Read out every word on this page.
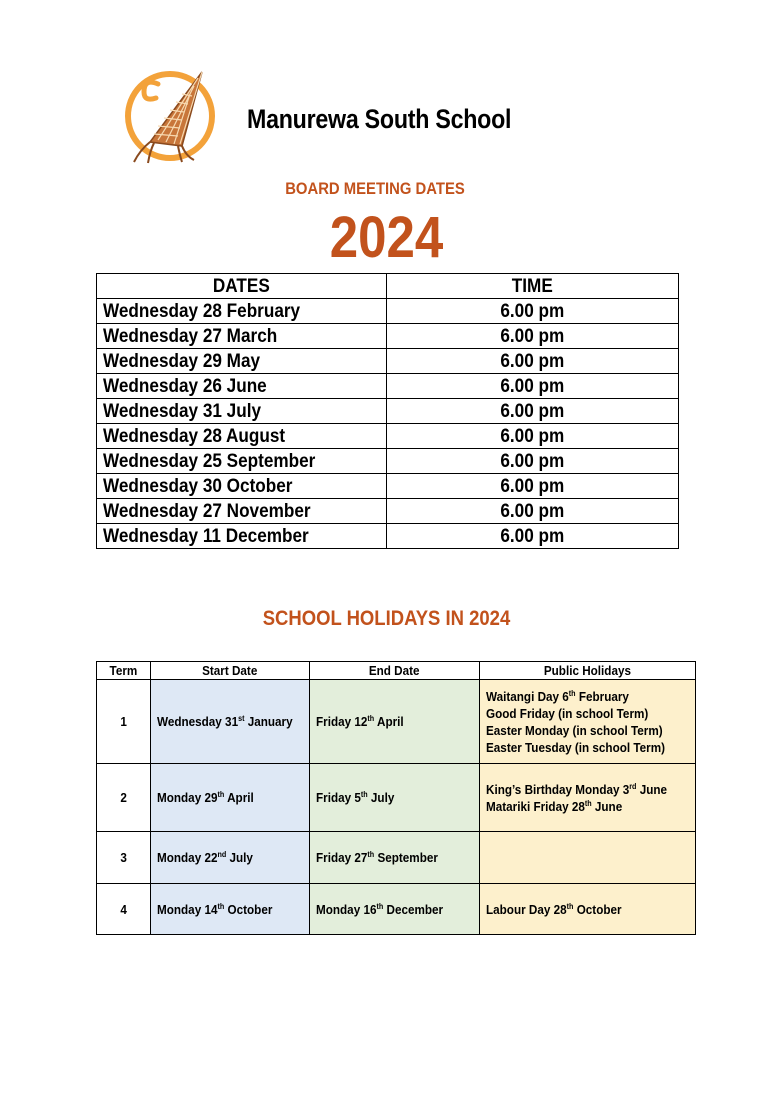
Manurewa South School
BOARD MEETING DATES
2024
DATES	TIME
Wednesday 28 February	6.00 pm
Wednesday 27 March	6.00 pm
Wednesday 29 May	6.00 pm
Wednesday 26 June	6.00 pm
Wednesday 31 July	6.00 pm
Wednesday 28 August	6.00 pm
Wednesday 25 September	6.00 pm
Wednesday 30 October	6.00 pm
Wednesday 27 November	6.00 pm
Wednesday 11 December	6.00 pm
SCHOOL HOLIDAYS IN 2024
Term	Start Date	End Date	Public Holidays
1	Wednesday 31st January	Friday 12th April	Waitangi Day 6th February
Good Friday (in school Term)
Easter Monday (in school Term)
Easter Tuesday (in school Term)

2	Monday 29th April	Friday 5th July	King’s Birthday Monday 3rd June
Matariki Friday 28th June

3	Monday 22nd July	Friday 27th September	
4	Monday 14th October	Monday 16th December	Labour Day 28th October
